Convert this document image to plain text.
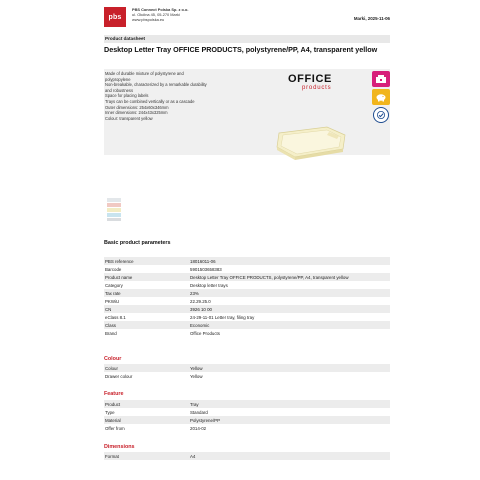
pbs
PBS Connect Polska Sp. z o.o.
ul. Okólna 45, 05-270 Marki
www.pbspolska.eu	Marki, 2025-11-06
Product datasheet
Desktop Letter Tray OFFICE PRODUCTS, polystyrene/PP, A4, transparent yellow
Made of durable mixture of polystyrene and polypropylene
Non-breakable, characterized by a remarkable durability and robustness
Space for placing labels
Trays can be combined vertically or as a cascade
Outer dimensions: 254x60x346mm
Inner dimensions: 244x43x325mm
Colour: transparent yellow
OFFICE
products
Basic product parameters
PBS reference	18016011-06
Barcode	5901503658383
Product name	Desktop Letter Tray OFFICE PRODUCTS, polystyrene/PP, A4, transparent yellow
Category	Desktop letter trays
Tax rate	23%
PKWiU	22.29.25.0
CN	3926 10 00
eClass 8.1	24-29-11-01 Letter tray, filing tray
Class	Economic
Brand	Office Products
Colour
Colour	Yellow
Drawer colour	Yellow
Feature
Product	Tray
Type	Standard
Material	Polystyrene/PP
Offer from	2014-02
Dimensions
Format	A4
